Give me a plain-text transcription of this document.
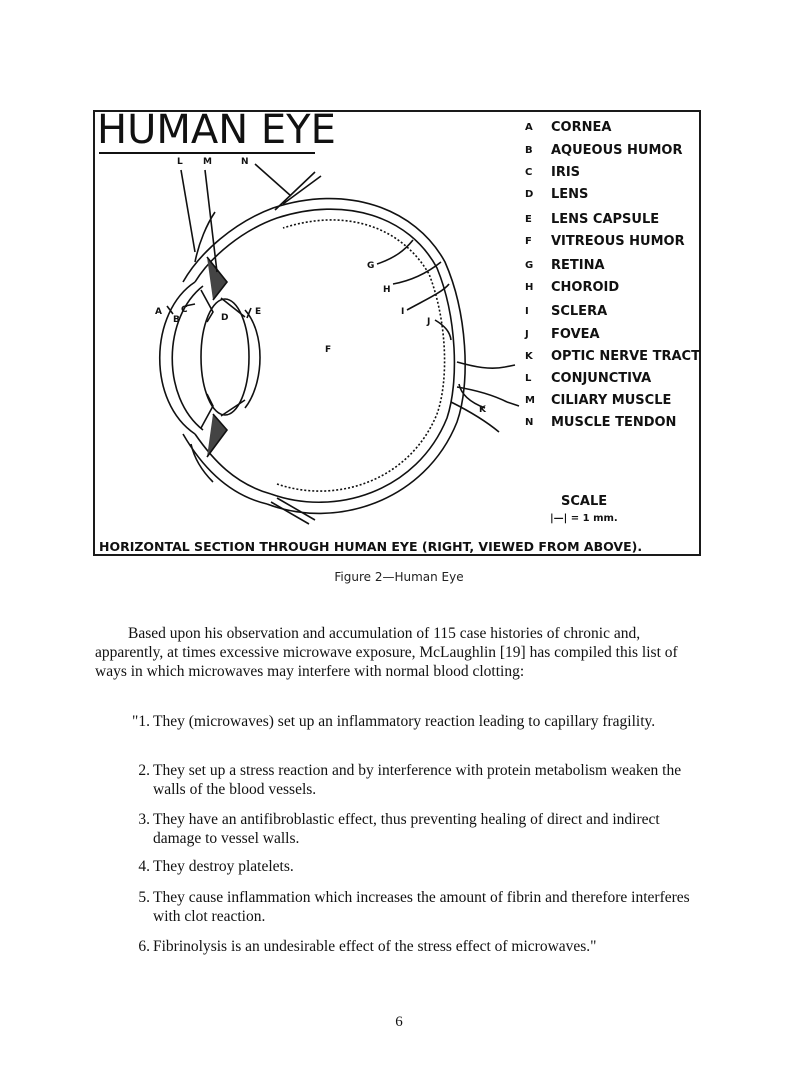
HUMAN EYE
L M	N
A
B
C
D
E
F
G
H
I
J
K
A	CORNEA
B	AQUEOUS HUMOR
C	IRIS
D	LENS
E	LENS CAPSULE
F	VITREOUS HUMOR
G	RETINA
H	CHOROID
I	SCLERA
J	FOVEA
K	OPTIC NERVE TRACT
L	CONJUNCTIVA
M	CILIARY MUSCLE
N	MUSCLE TENDON
SCALE
|—| = 1 mm.
HORIZONTAL SECTION THROUGH HUMAN EYE (RIGHT, VIEWED FROM ABOVE).
Figure 2—Human Eye

Based upon his observation and accumulation of 115 case histories of chronic and, apparently, at times excessive microwave exposure, McLaughlin [19] has compiled this list of ways in which microwaves may interfere with normal blood clotting:

"1. They (microwaves) set up an inflammatory reaction leading to capillary fragility.
2. They set up a stress reaction and by interference with protein metabolism weaken the walls of the blood vessels.
3. They have an antifibroblastic effect, thus preventing healing of direct and indirect damage to vessel walls.
4. They destroy platelets.
5. They cause inflammation which increases the amount of fibrin and therefore interferes with clot reaction.
6. Fibrinolysis is an undesirable effect of the stress effect of microwaves."
6
